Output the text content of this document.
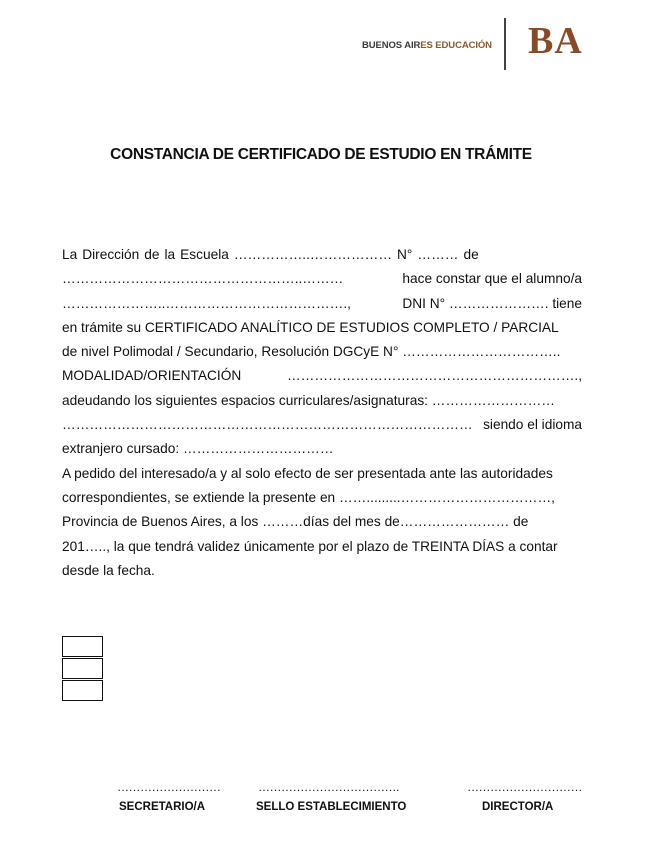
BUENOS AIRES EDUCACIÓN BA
CONSTANCIA DE CERTIFICADO DE ESTUDIO EN TRÁMITE
La Dirección de la Escuela ……………..……………… N° ……… de
……………………………………………..………	hace constar que el alumno/a
…………………..………………………………….,	DNI N° …………………. tiene
en trámite su CERTIFICADO ANALÍTICO DE ESTUDIOS COMPLETO / PARCIAL
de nivel Polimodal / Secundario, Resolución DGCyE N° ……………………………..
MODALIDAD/ORIENTACIÓN	……………………………………………………….,
adeudando los siguientes espacios curriculares/asignaturas: ………………………
……………………………………………………………………………… siendo el idioma
extranjero cursado: ……………………………
A pedido del interesado/a y al solo efecto de ser presentada ante las autoridades
correspondientes, se extiende la presente en …….........……………………………,
Provincia de Buenos Aires, a los ………días del mes de…………………… de
201….., la que tendrá validez únicamente por el plazo de TREINTA DÍAS a contar
desde la fecha.
………………………
SECRETARIO/A
……………………………….
SELLO ESTABLECIMIENTO
…………………………
DIRECTOR/A
